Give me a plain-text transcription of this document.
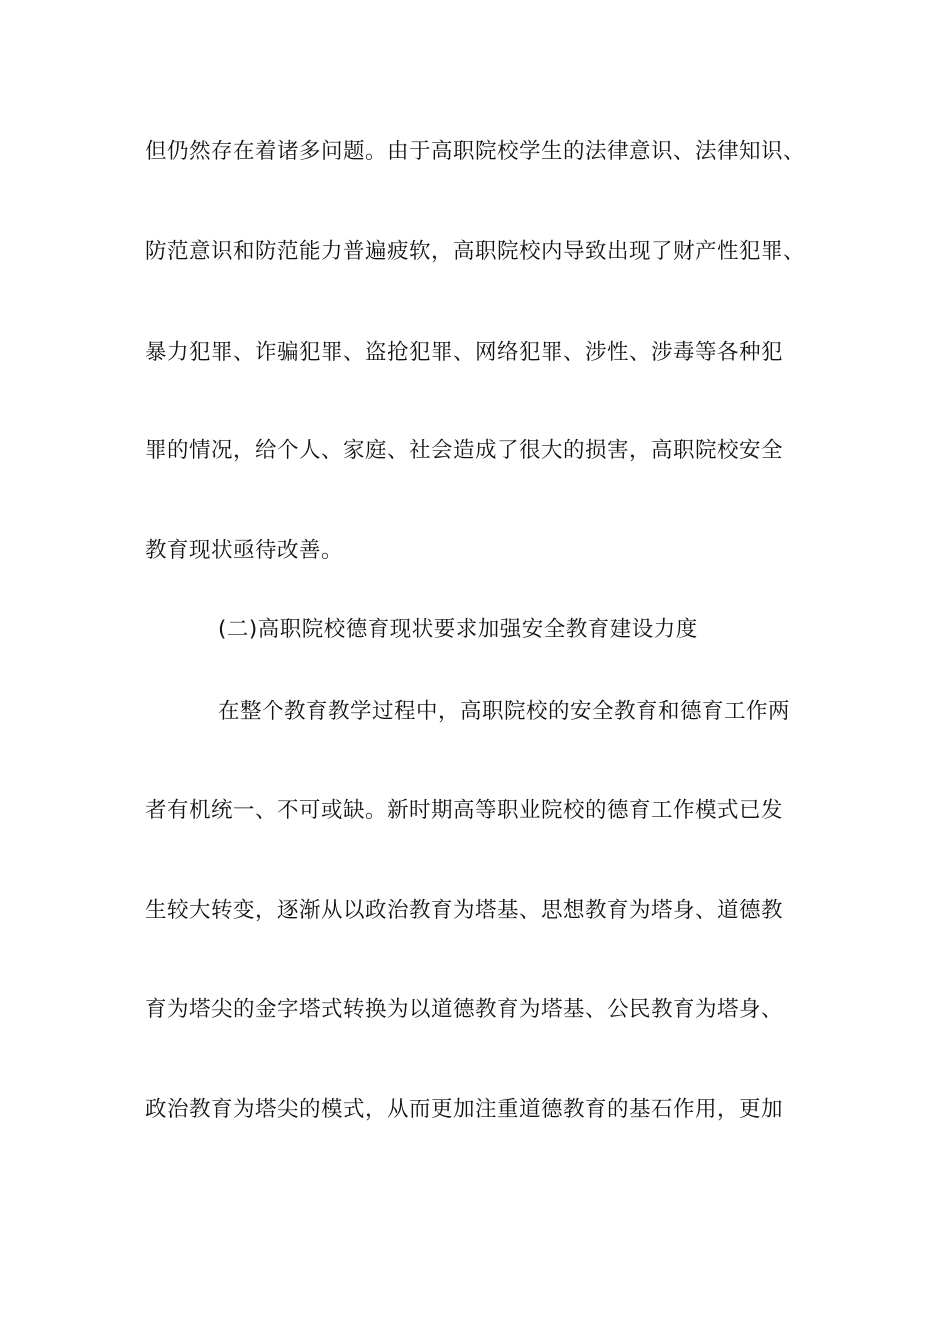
但仍然存在着诸多问题。由于高职院校学生的法律意识、法律知识、
防范意识和防范能力普遍疲软，高职院校内导致出现了财产性犯罪、
暴力犯罪、诈骗犯罪、盗抢犯罪、网络犯罪、涉性、涉毒等各种犯
罪的情况，给个人、家庭、社会造成了很大的损害，高职院校安全
教育现状亟待改善。
(二)高职院校德育现状要求加强安全教育建设力度
在整个教育教学过程中，高职院校的安全教育和德育工作两
者有机统一、不可或缺。新时期高等职业院校的德育工作模式已发
生较大转变，逐渐从以政治教育为塔基、思想教育为塔身、道德教
育为塔尖的金字塔式转换为以道德教育为塔基、公民教育为塔身、
政治教育为塔尖的模式，从而更加注重道德教育的基石作用，更加
